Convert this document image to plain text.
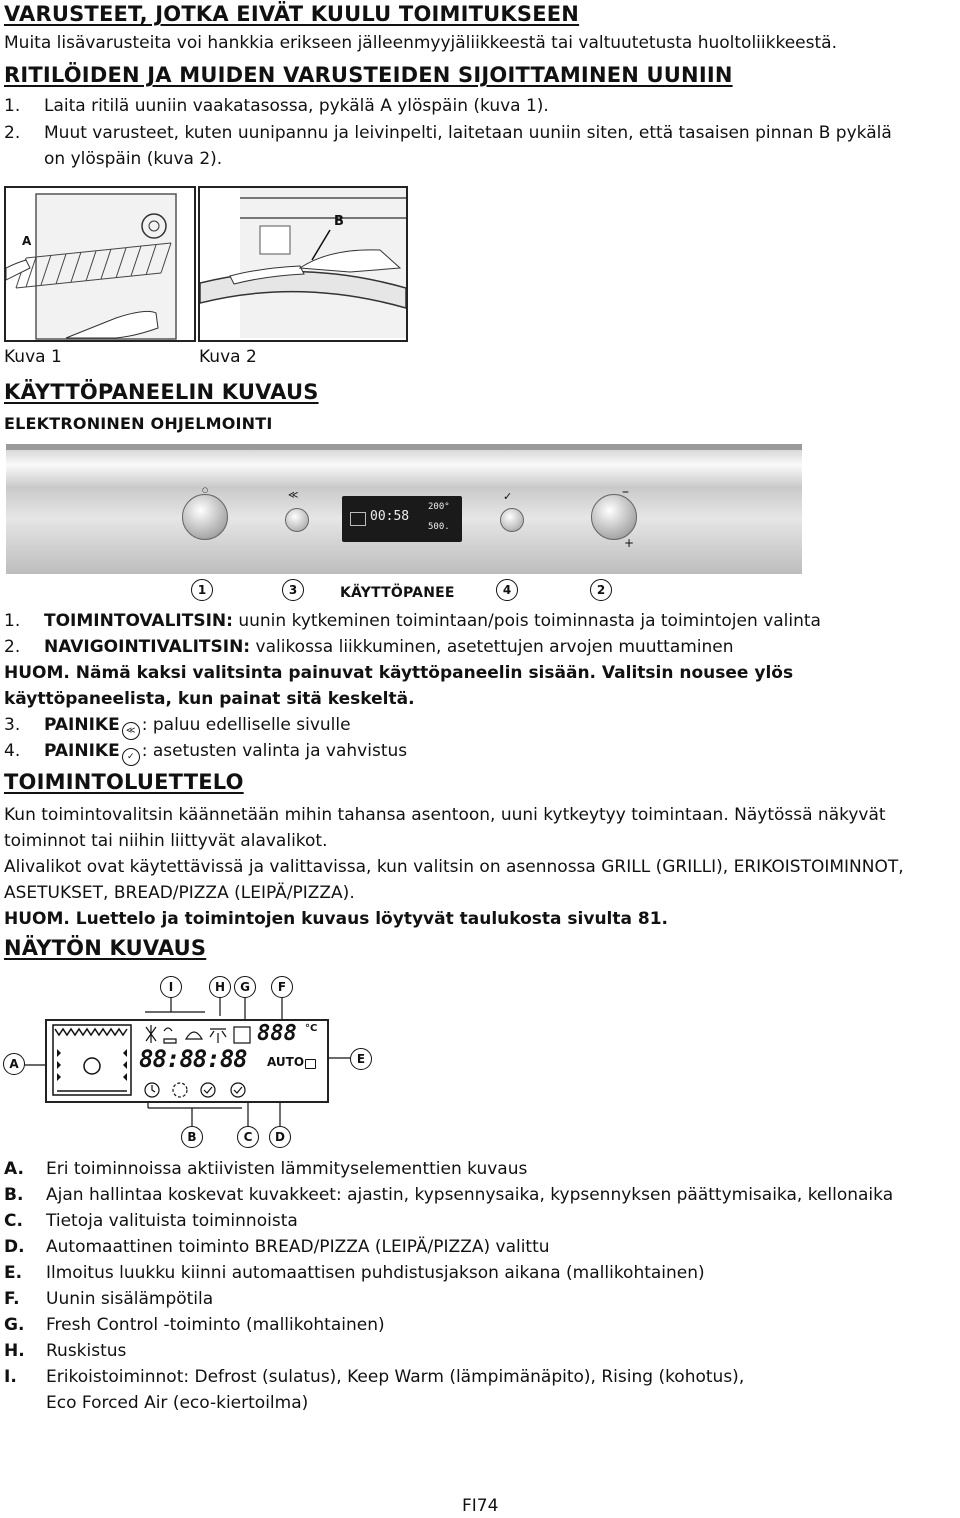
VARUSTEET, JOTKA EIVÄT KUULU TOIMITUKSEEN
Muita lisävarusteita voi hankkia erikseen jälleenmyyjäliikkeestä tai valtuutetusta huoltoliikkeestä.
RITILÖIDEN JA MUIDEN VARUSTEIDEN SIJOITTAMINEN UUNIIN
1. Laita ritilä uuniin vaakatasossa, pykälä A ylöspäin (kuva 1).
2. Muut varusteet, kuten uunipannu ja leivinpelti, laitetaan uuniin siten, että tasaisen pinnan B pykälä
on ylöspäin (kuva 2).
A
B
Kuva 1	Kuva 2
KÄYTTÖPANEELIN KUVAUS
ELEKTRONINEN OHJELMOINTI
○	≪
00:58
200°
500.
✓	–
+
1	3	KÄYTTÖPANEE	4	2
1. TOIMINTOVALITSIN: uunin kytkeminen toimintaan/pois toiminnasta ja toimintojen valinta
2. NAVIGOINTIVALITSIN: valikossa liikkuminen, asetettujen arvojen muuttaminen
HUOM. Nämä kaksi valitsinta painuvat käyttöpaneelin sisään. Valitsin nousee ylös
käyttöpaneelista, kun painat sitä keskeltä.
3. PAINIKE ≪ : paluu edelliselle sivulle
4. PAINIKE ✓ : asetusten valinta ja vahvistus
TOIMINTOLUETTELO
Kun toimintovalitsin käännetään mihin tahansa asentoon, uuni kytkeytyy toimintaan. Näytössä näkyvät
toiminnot tai niihin liittyvät alavalikot.
Alivalikot ovat käytettävissä ja valittavissa, kun valitsin on asennossa GRILL (GRILLI), ERIKOISTOIMINNOT,
ASETUKSET, BREAD/PIZZA (LEIPÄ/PIZZA).
HUOM. Luettelo ja toimintojen kuvaus löytyvät taulukosta sivulta 81.
NÄYTÖN KUVAUS
I	H	G	F
A	E
888 °C
88:88:88 AUTO
B	C	D
A. Eri toiminnoissa aktiivisten lämmityselementtien kuvaus
B. Ajan hallintaa koskevat kuvakkeet: ajastin, kypsennysaika, kypsennyksen päättymisaika, kellonaika
C. Tietoja valituista toiminnoista
D. Automaattinen toiminto BREAD/PIZZA (LEIPÄ/PIZZA) valittu
E. Ilmoitus luukku kiinni automaattisen puhdistusjakson aikana (mallikohtainen)
F. Uunin sisälämpötila
G. Fresh Control -toiminto (mallikohtainen)
H. Ruskistus
I. Erikoistoiminnot: Defrost (sulatus), Keep Warm (lämpimänäpito), Rising (kohotus),
Eco Forced Air (eco-kiertoilma)
FI74
